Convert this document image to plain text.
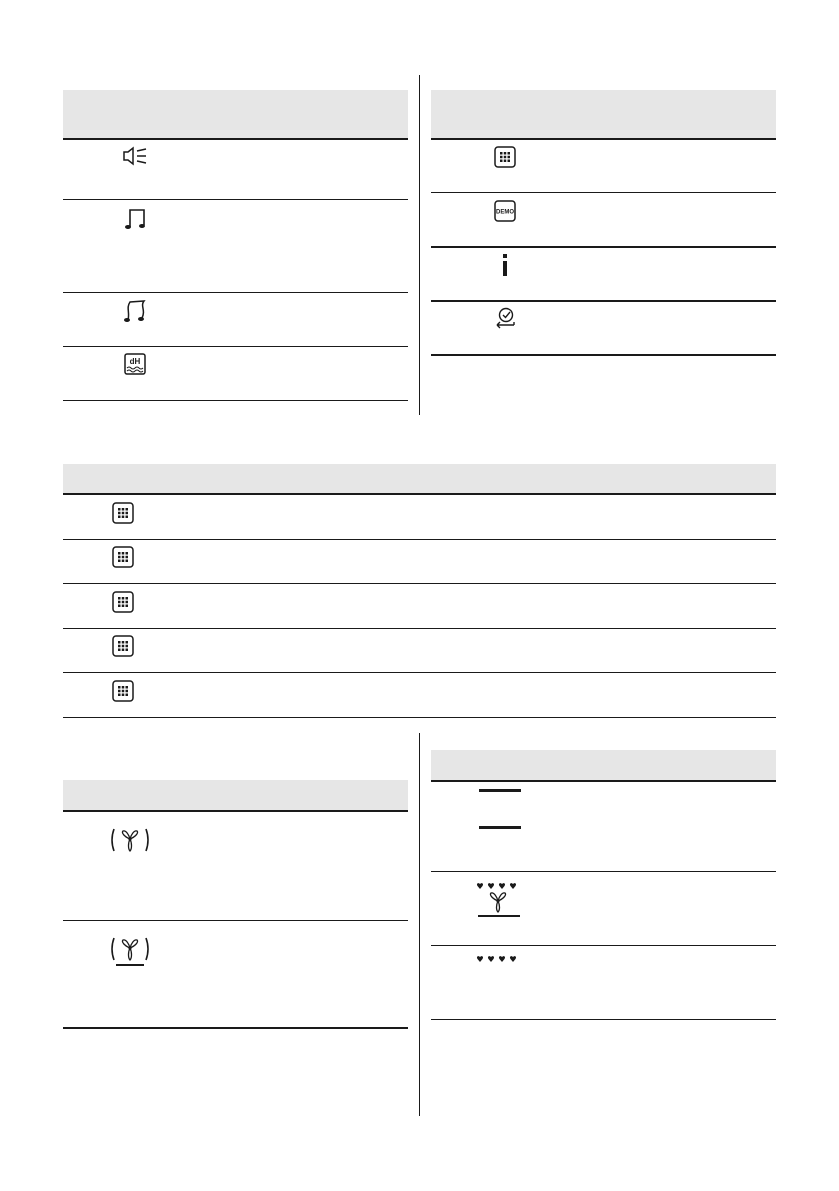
dH
DEMO
